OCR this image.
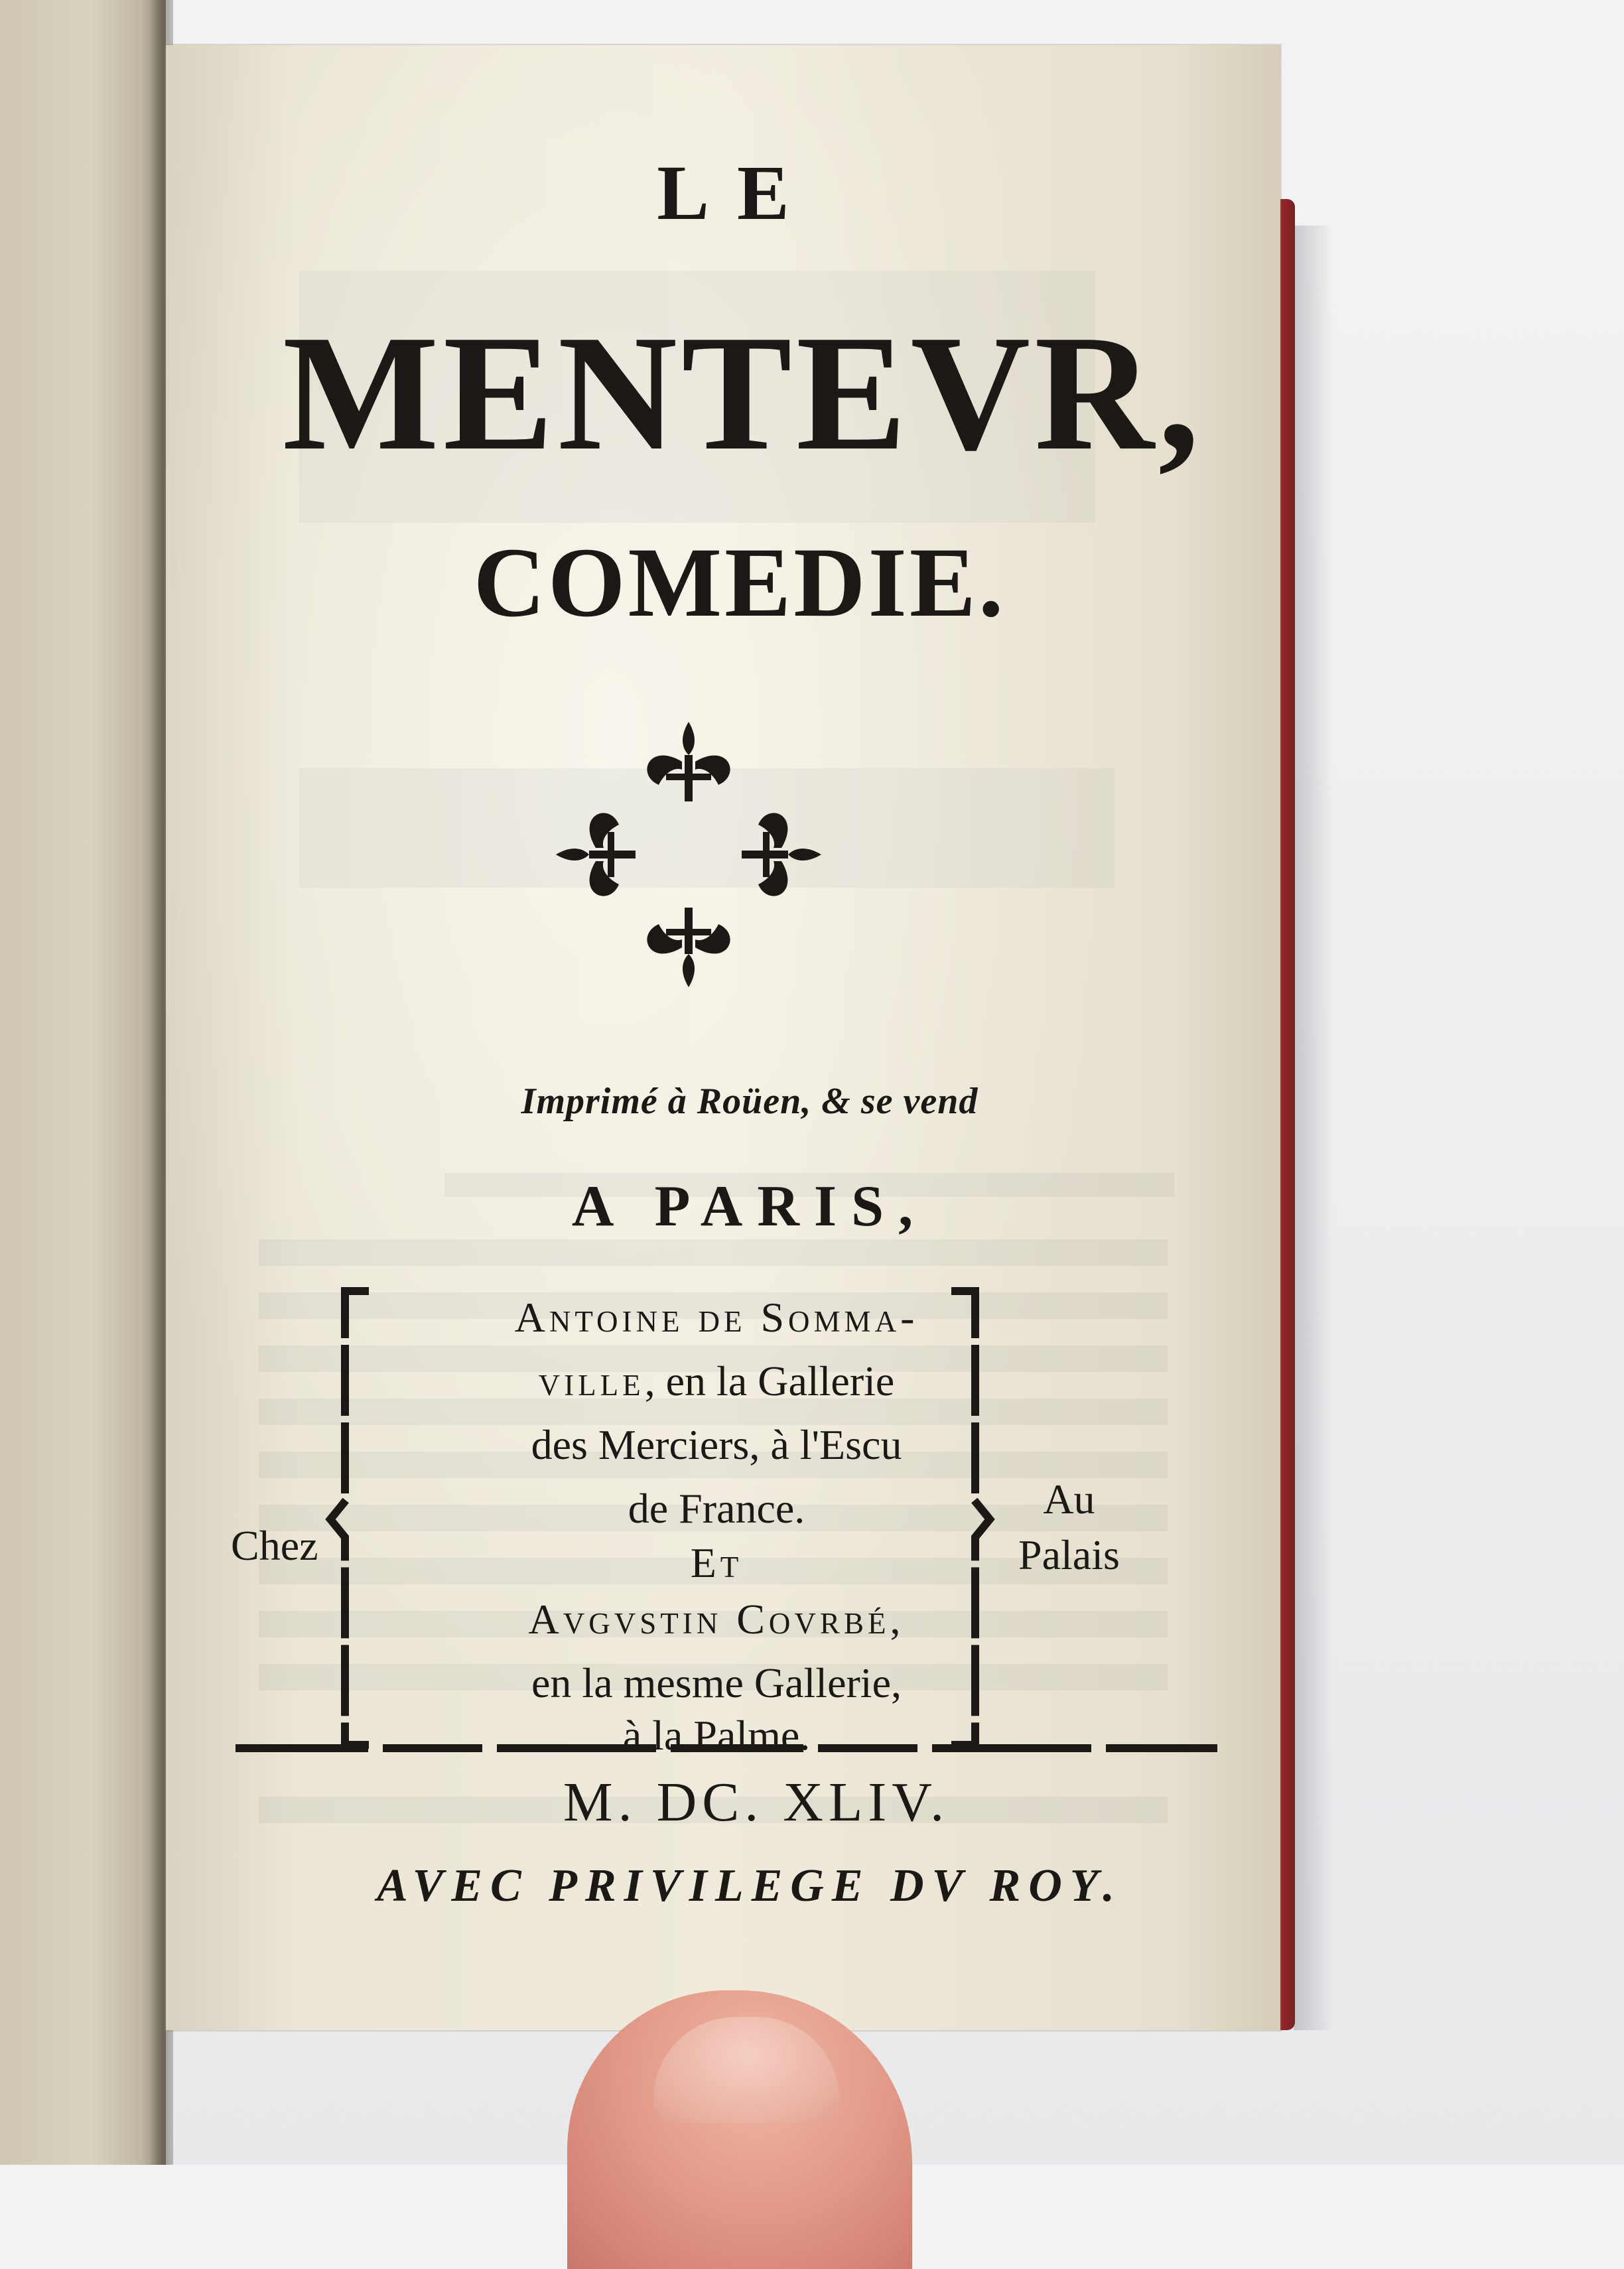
LE
MENTEVR,
COMEDIE.
Imprimé à Roüen, & se vend
A PARIS,
Chez
Antoine de Somma-
ville, en la Gallerie
des Merciers, à l'Escu
de France.
Et
Avgvstin Covrbé,
en la mesme Gallerie,
à la Palme.
Au
Palais
M. DC. XLIV.
AVEC PRIVILEGE DV ROY.
